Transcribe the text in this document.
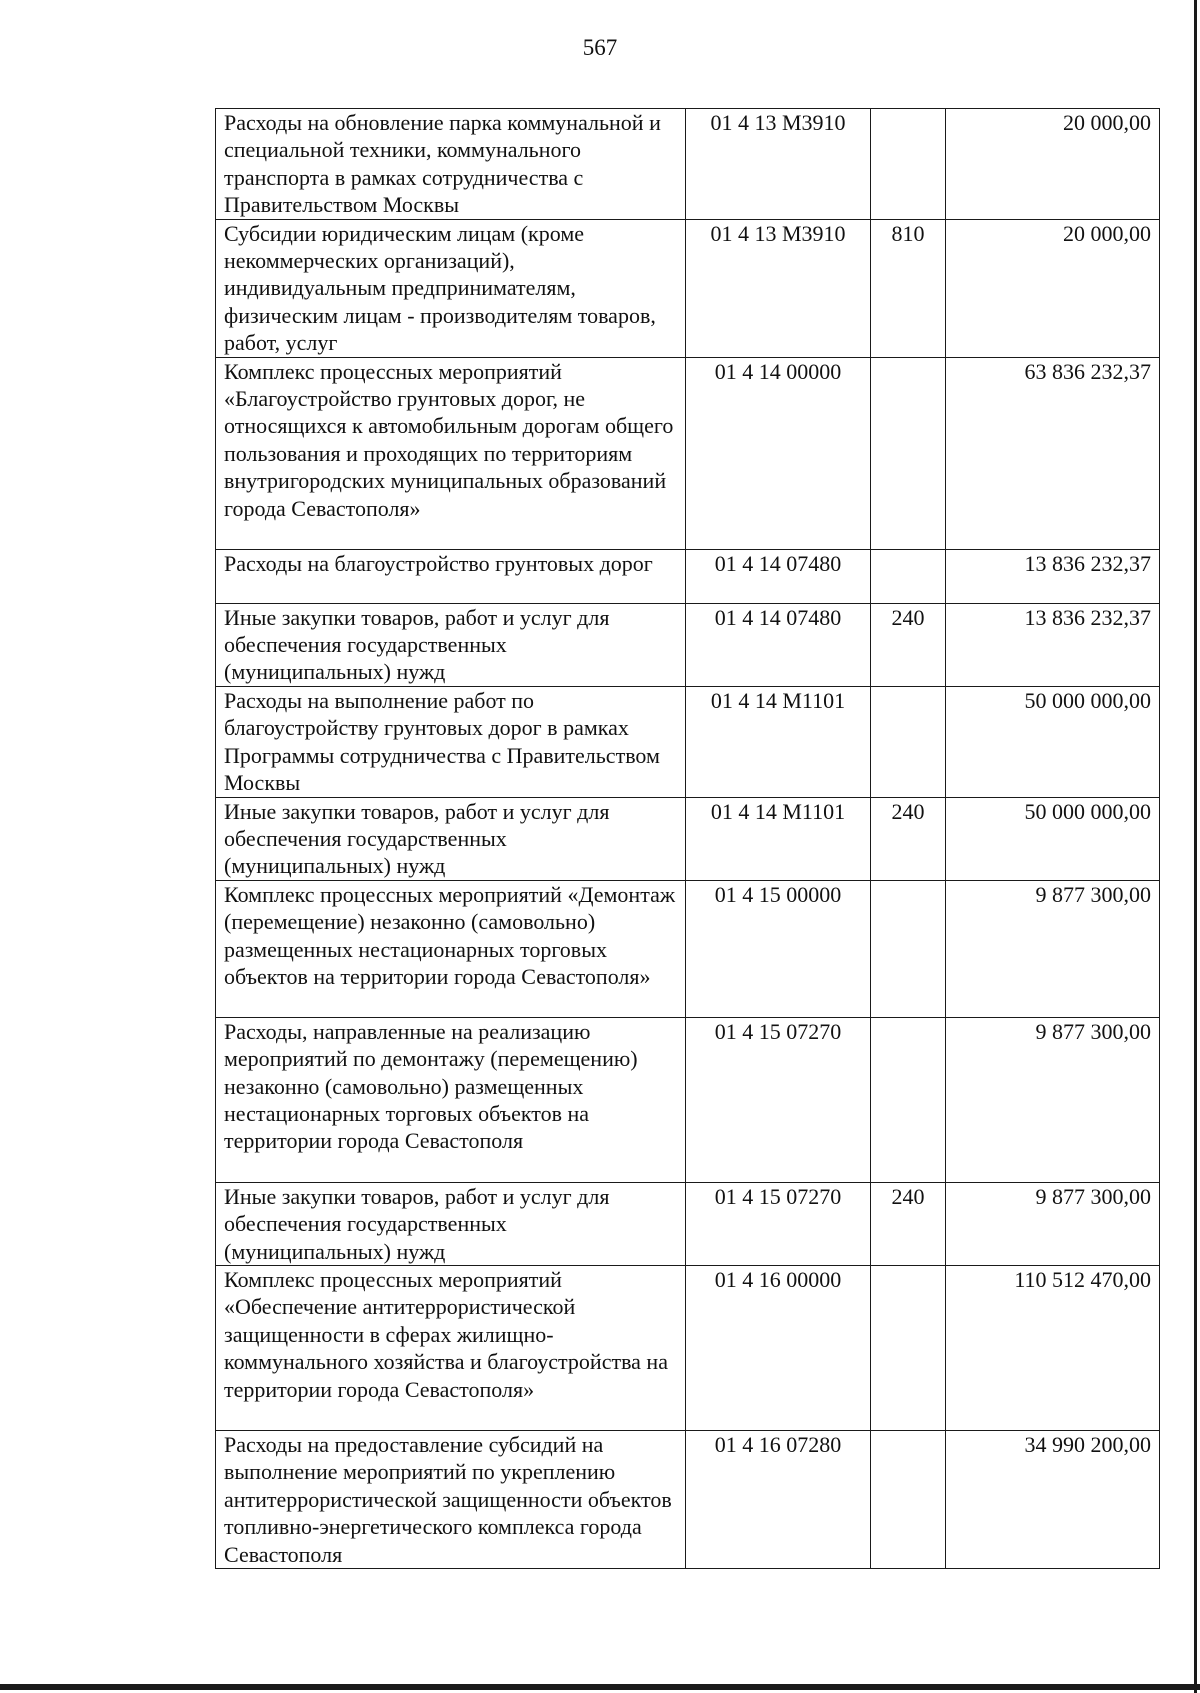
567
Расходы на обновление парка коммунальной и специальной техники, коммунального транспорта в рамках сотрудничества с Правительством Москвы	01 4 13 М3910		20 000,00
Субсидии юридическим лицам (кроме некоммерческих организаций), индивидуальным предпринимателям, физическим лицам - производителям товаров, работ, услуг	01 4 13 М3910	810	20 000,00
Комплекс процессных мероприятий «Благоустройство грунтовых дорог, не относящихся к автомобильным дорогам общего пользования и проходящих по территориям внутригородских муниципальных образований города Севастополя»	01 4 14 00000		63 836 232,37
Расходы на благоустройство грунтовых дорог	01 4 14 07480		13 836 232,37
Иные закупки товаров, работ и услуг для обеспечения государственных (муниципальных) нужд	01 4 14 07480	240	13 836 232,37
Расходы на выполнение работ по благоустройству грунтовых дорог в рамках Программы сотрудничества с Правительством Москвы	01 4 14 М1101		50 000 000,00
Иные закупки товаров, работ и услуг для обеспечения государственных (муниципальных) нужд	01 4 14 М1101	240	50 000 000,00
Комплекс процессных мероприятий «Демонтаж (перемещение) незаконно (самовольно) размещенных нестационарных торговых объектов на территории города Севастополя»	01 4 15 00000		9 877 300,00
Расходы, направленные на реализацию мероприятий по демонтажу (перемещению) незаконно (самовольно) размещенных нестационарных торговых объектов на территории города Севастополя	01 4 15 07270		9 877 300,00
Иные закупки товаров, работ и услуг для обеспечения государственных (муниципальных) нужд	01 4 15 07270	240	9 877 300,00
Комплекс процессных мероприятий «Обеспечение антитеррористической защищенности в сферах жилищно-коммунального хозяйства и благоустройства на территории города Севастополя»	01 4 16 00000		110 512 470,00
Расходы на предоставление субсидий на выполнение мероприятий по укреплению антитеррористической защищенности объектов топливно-энергетического комплекса города Севастополя	01 4 16 07280		34 990 200,00
